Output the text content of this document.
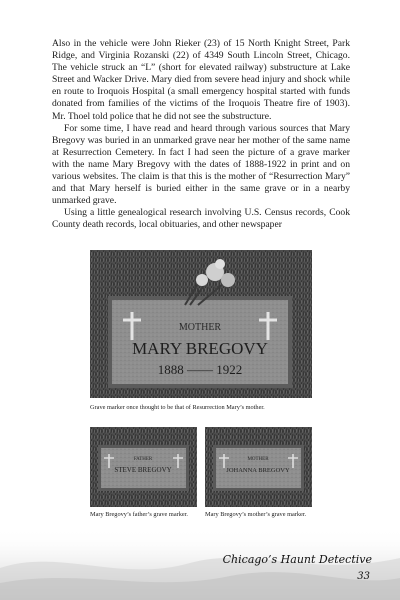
Also in the vehicle were John Rieker (23) of 15 North Knight Street, Park Ridge, and Virginia Rozanski (22) of 4349 South Lincoln Street, Chicago. The vehicle struck an “L” (short for elevated railway) substructure at Lake Street and Wacker Drive. Mary died from severe head injury and shock while en route to Iroquois Hospital (a small emergency hospital started with funds donated from families of the victims of the Iroquois Theatre fire of 1903). Mr. Thoel told police that he did not see the substructure.

For some time, I have read and heard through various sources that Mary Bregovy was buried in an unmarked grave near her mother of the same name at Resurrection Cemetery. In fact I had seen the picture of a grave marker with the name Mary Bregovy with the dates of 1888-1922 in print and on various websites. The claim is that this is the mother of “Resurrection Mary” and that Mary herself is buried either in the same grave or in a nearby unmarked grave.

Using a little genealogical research involving U.S. Census records, Cook County death records, local obituaries, and other newspaper

MOTHER
MARY BREGOVY
1888 —— 1922
Grave marker once thought to be that of Resurrection Mary’s mother.
FATHER
STEVE BREGOVY
Mary Bregovy’s father’s grave marker.
MOTHER
JOHANNA BREGOVY
Mary Bregovy’s mother’s grave marker.
Chicago’s Haunt Detective
33
